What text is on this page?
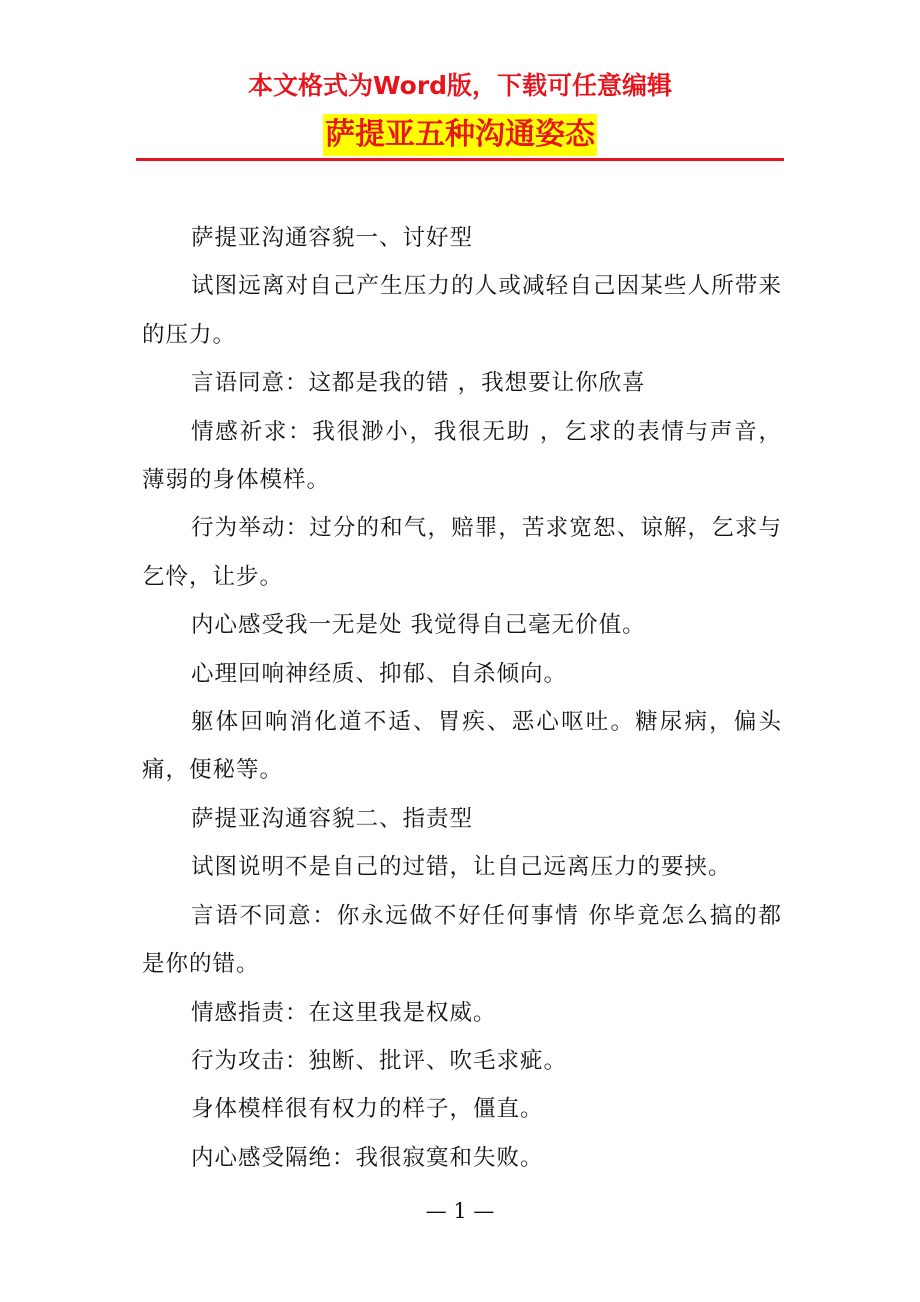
本文格式为Word版，下载可任意编辑
萨提亚五种沟通姿态

萨提亚沟通容貌一、讨好型

试图远离对自己产生压力的人或减轻自己因某些人所带来的压力。

言语同意：这都是我的错 ，我想要让你欣喜

情感祈求：我很渺小，我很无助 ，乞求的表情与声音，薄弱的身体模样。

行为举动：过分的和气，赔罪，苦求宽恕、谅解，乞求与乞怜，让步。

内心感受我一无是处 我觉得自己毫无价值。

心理回响神经质、抑郁、自杀倾向。

躯体回响消化道不适、胃疾、恶心呕吐。糖尿病，偏头痛，便秘等。

萨提亚沟通容貌二、指责型

试图说明不是自己的过错，让自己远离压力的要挟。

言语不同意：你永远做不好任何事情 你毕竟怎么搞的都是你的错。

情感指责：在这里我是权威。

行为攻击：独断、批评、吹毛求疵。

身体模样很有权力的样子，僵直。

内心感受隔绝：我很寂寞和失败。

— 1 —
